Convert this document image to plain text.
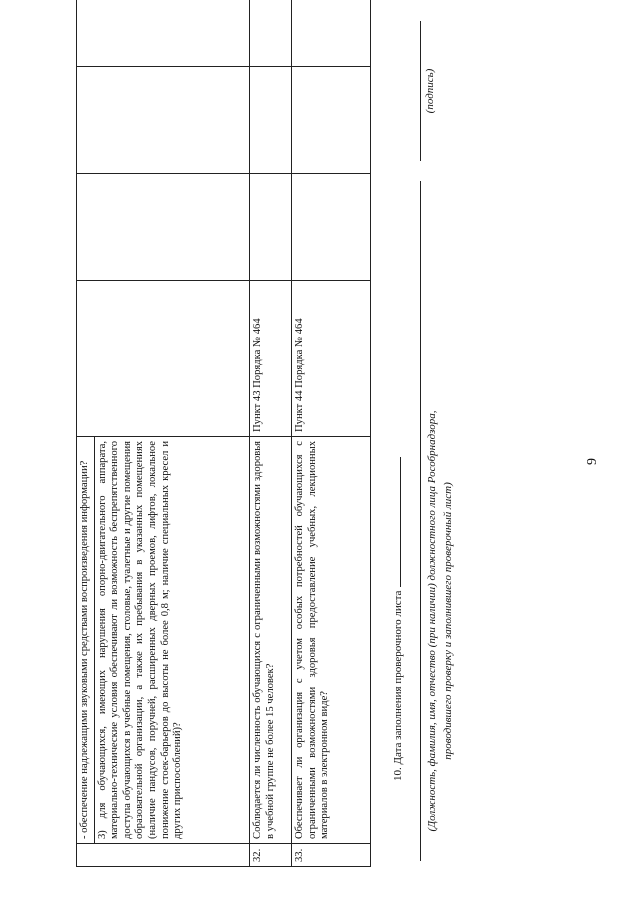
9

	- обеспечение надлежащими звуковыми средствами воспроизведения информации? 3) для обучающихся, имеющих нарушения опорно-двигательного аппарата, материально-технические условия обеспечивают ли возможность беспрепятственного доступа обучающихся в учебные помещения, столовые, туалетные и другие помещения образовательной организации, а также их пребывания в указанных помещениях (наличие пандусов, поручней, расширенных дверных проемов, лифтов, локальное понижение стоек-барьеров до высоты не более 0,8 м; наличие специальных кресел и других приспособлений)?				

32.	Соблюдается ли численность обучающихся с ограниченными возможностями здоровья в учебной группе не более 15 человек?	Пункт 43 Порядка № 464			
33.	Обеспечивает ли организация с учетом особых потребностей обучающихся с ограниченными возможностями здоровья предоставление учебных, лекционных материалов в электронном виде?	Пункт 44 Порядка № 464			
10. Дата заполнения проверочного листа (Должность, фамилия, имя, отчество (при наличии) должностного лица Рособрнадзора, проводившего проверку и заполнившего проверочный лист)
(подпись)
